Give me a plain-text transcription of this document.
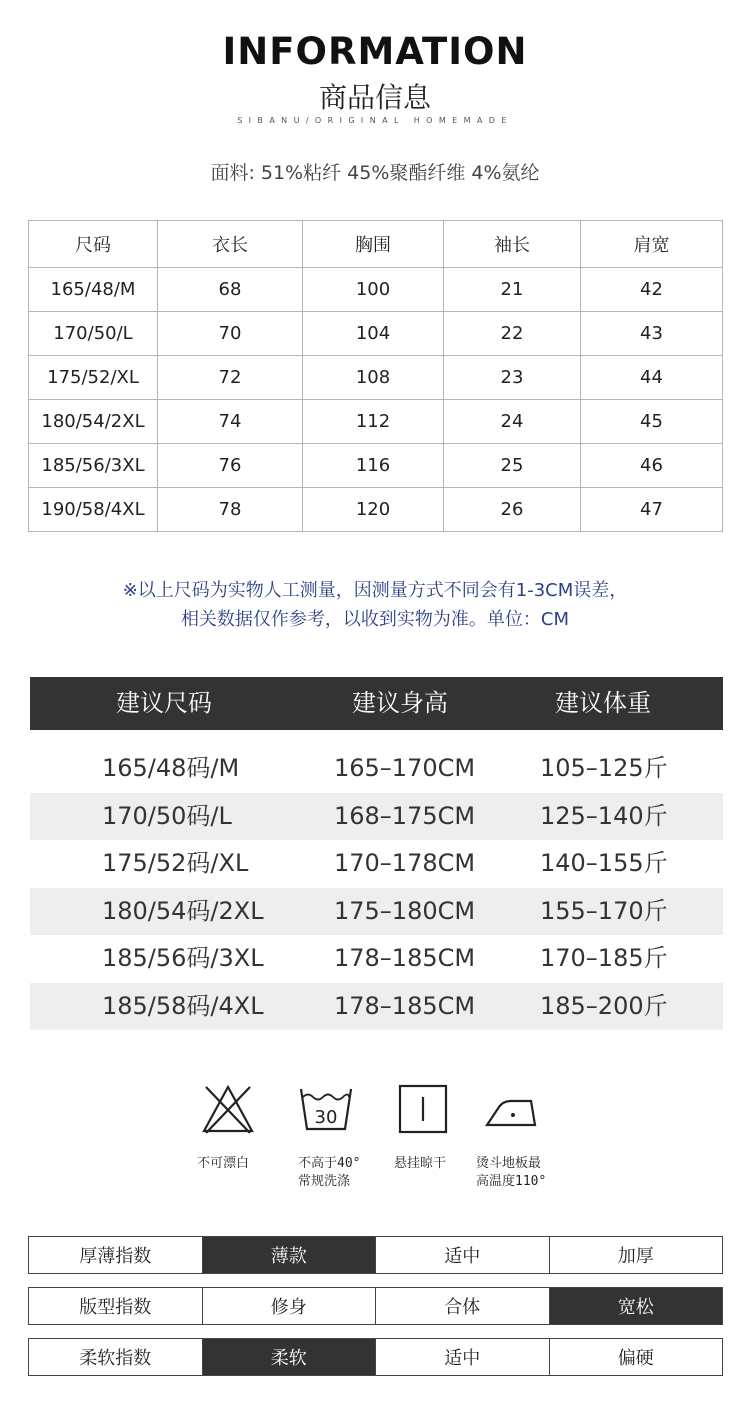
INFORMATION
商品信息
SIBANU/ORIGINAL HOMEMADE
面料: 51%粘纤 45%聚酯纤维 4%氨纶
尺码	衣长	胸围	袖长	肩宽
165/48/M	68	100	21	42
170/50/L	70	104	22	43
175/52/XL	72	108	23	44
180/54/2XL	74	112	24	45
185/56/3XL	76	116	25	46
190/58/4XL	78	120	26	47
※以上尺码为实物人工测量，因测量方式不同会有1-3CM误差，
相关数据仅作参考，以收到实物为准。单位：CM
建议尺码	建议身高	建议体重
165/48码/M	165–170CM	105–125斤
170/50码/L	168–175CM	125–140斤
175/52码/XL	170–178CM	140–155斤
180/54码/2XL	175–180CM	155–170斤
185/56码/3XL	178–185CM	170–185斤
185/58码/4XL	178–185CM	185–200斤
30
不可漂白	不高于40°
常规洗涤
悬挂晾干 烫斗地板最
高温度110°
厚薄指数	薄款	适中	加厚
版型指数	修身	合体	宽松
柔软指数	柔软	适中	偏硬
